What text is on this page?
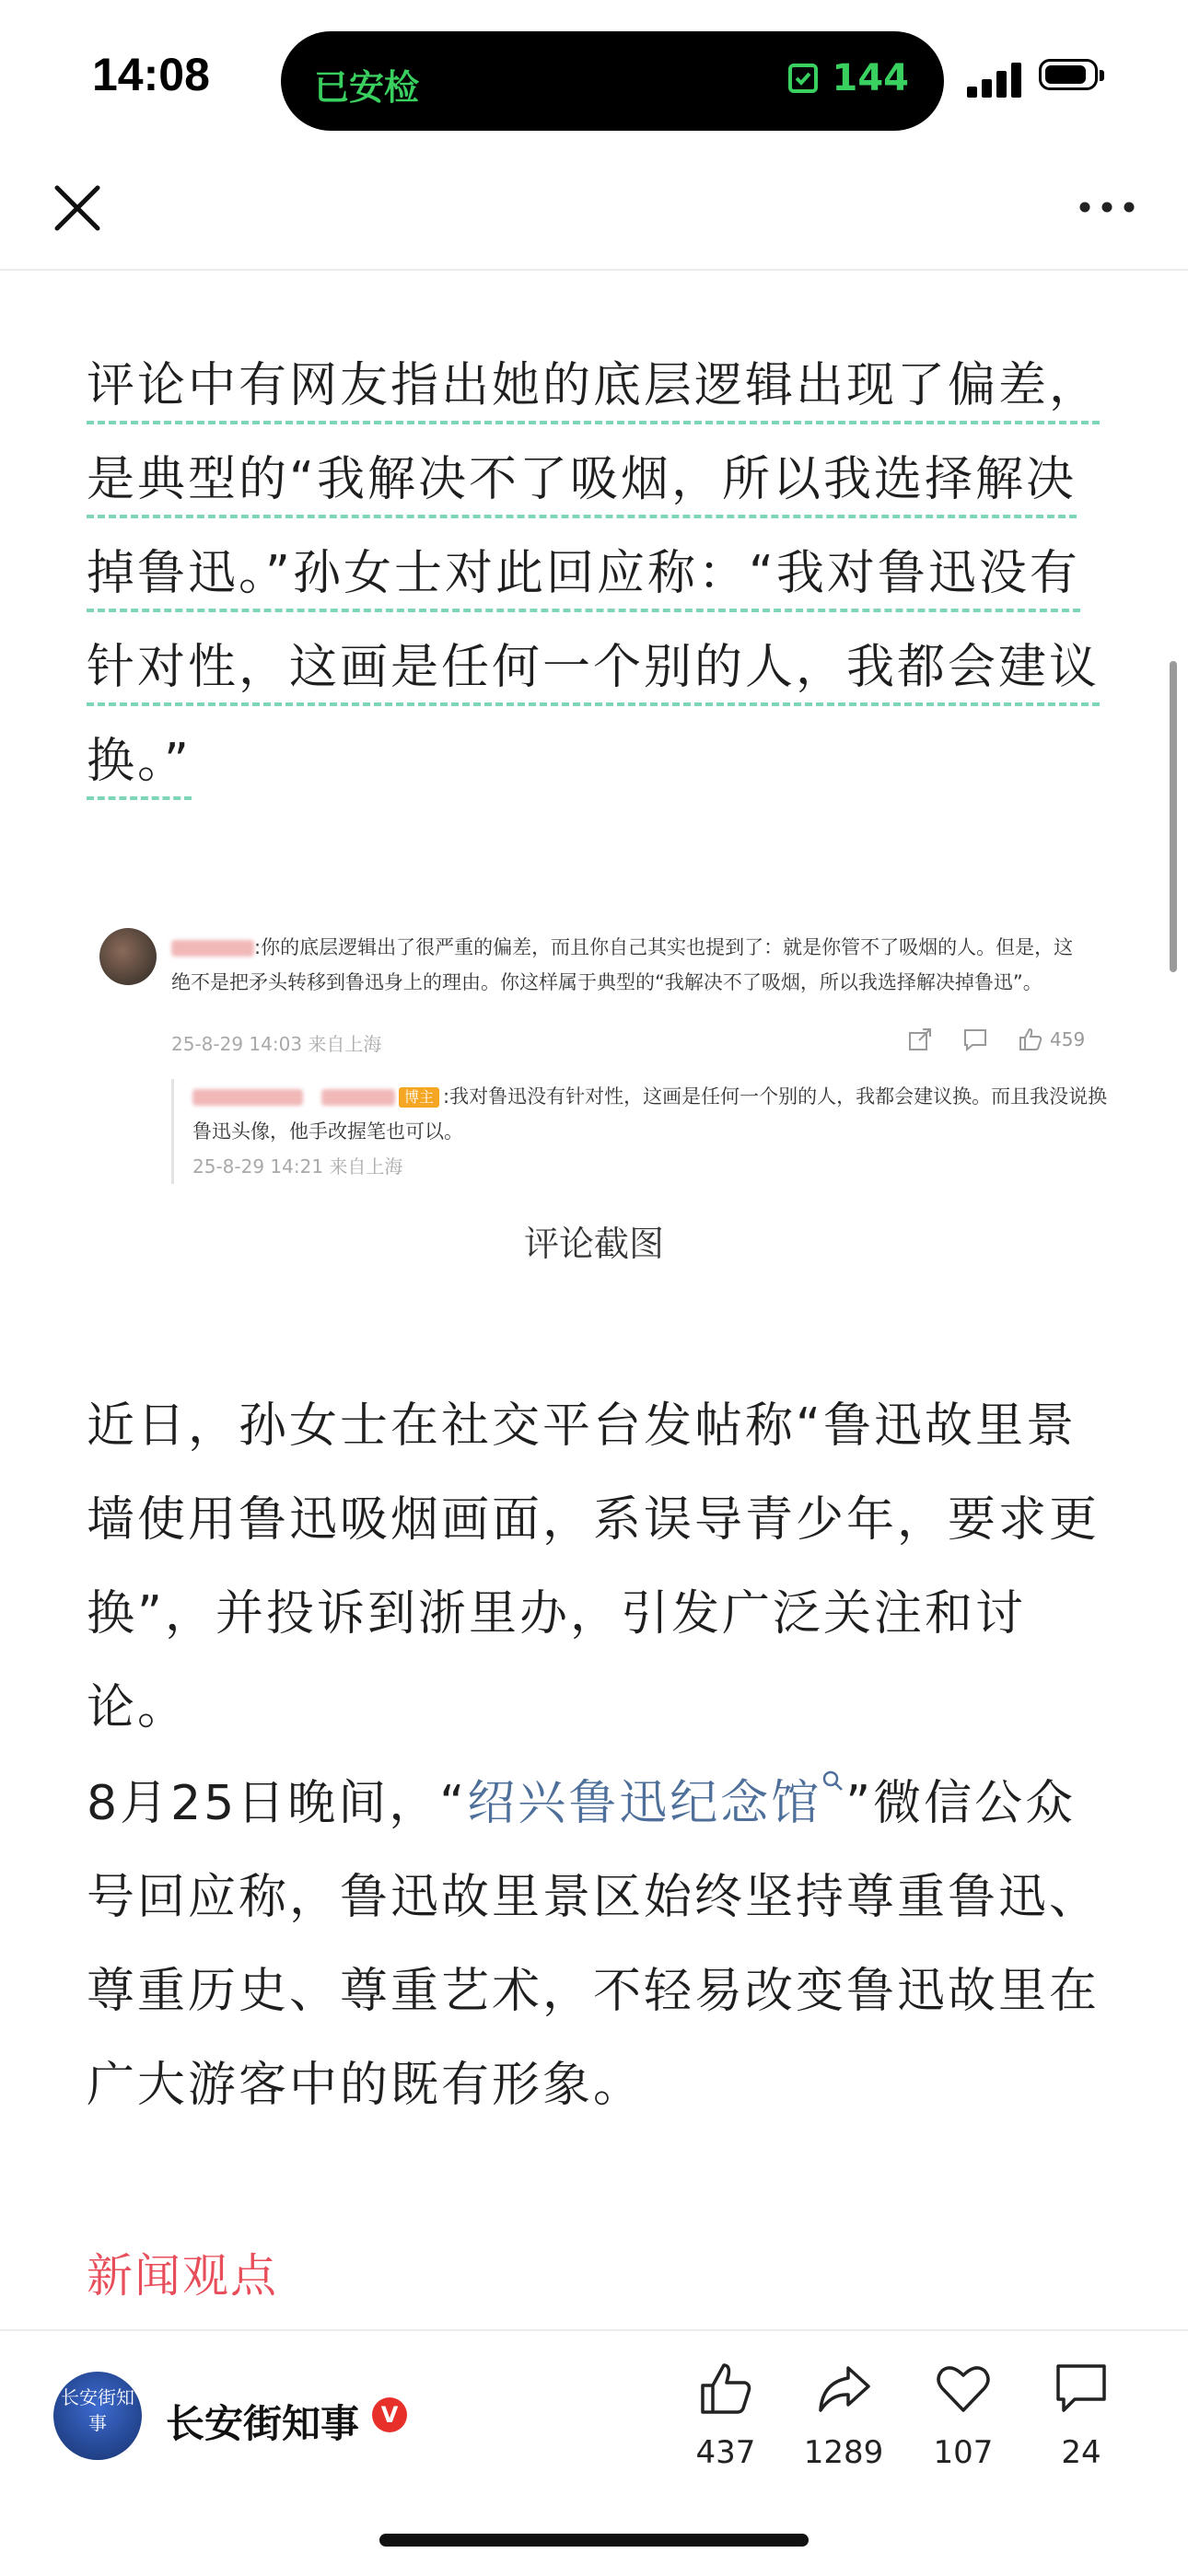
14:08	已安检	144
评论中有网友指出她的底层逻辑出现了偏差，是典型的“我解决不了吸烟，所以我选择解决掉鲁迅。”孙女士对此回应称：“我对鲁迅没有针对性，这画是任何一个别的人，我都会建议换。”
:你的底层逻辑出了很严重的偏差，而且你自己其实也提到了：就是你管不了吸烟的人。但是，这绝不是把矛头转移到鲁迅身上的理由。你这样属于典型的“我解决不了吸烟，所以我选择解决掉鲁迅”。
25-8-29 14:03 来自上海	459
博主 :我对鲁迅没有针对性，这画是任何一个别的人，我都会建议换。而且我没说换鲁迅头像，他手改握笔也可以。
25-8-29 14:21 来自上海
评论截图
近日，孙女士在社交平台发帖称“鲁迅故里景墙使用鲁迅吸烟画面，系误导青少年，要求更换”，并投诉到浙里办，引发广泛关注和讨论。
8月25日晚间，“绍兴鲁迅纪念馆 ”微信公众号回应称，鲁迅故里景区始终坚持尊重鲁迅、尊重历史、尊重艺术，不轻易改变鲁迅故里在广大游客中的既有形象。
新闻观点
长安街知事	长安街知事 V
437	1289	107	24
